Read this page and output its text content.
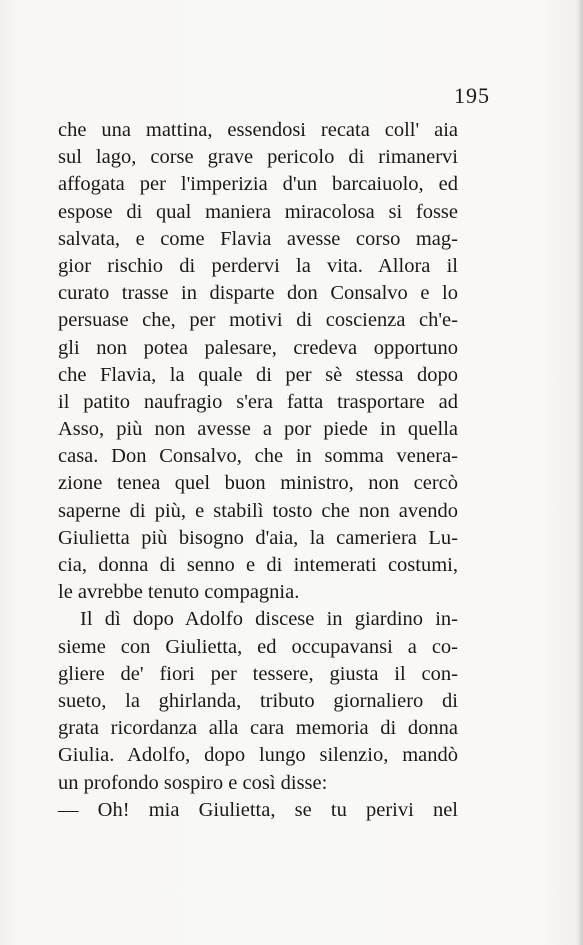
195
che una mattina, essendosi recata coll' aia
sul lago, corse grave pericolo di rimanervi
affogata per l'imperizia d'un barcaiuolo, ed
espose di qual maniera miracolosa si fosse
salvata, e come Flavia avesse corso mag-
gior rischio di perdervi la vita. Allora il
curato trasse in disparte don Consalvo e lo
persuase che, per motivi di coscienza ch'e-
gli non potea palesare, credeva opportuno
che Flavia, la quale di per sè stessa dopo
il patito naufragio s'era fatta trasportare ad
Asso, più non avesse a por piede in quella
casa. Don Consalvo, che in somma venera-
zione tenea quel buon ministro, non cercò
saperne di più, e stabilì tosto che non avendo
Giulietta più bisogno d'aia, la cameriera Lu-
cia, donna di senno e di intemerati costumi,
le avrebbe tenuto compagnia.
Il dì dopo Adolfo discese in giardino in-
sieme con Giulietta, ed occupavansi a co-
gliere de' fiori per tessere, giusta il con-
sueto, la ghirlanda, tributo giornaliero di
grata ricordanza alla cara memoria di donna
Giulia. Adolfo, dopo lungo silenzio, mandò
un profondo sospiro e così disse:
— Oh! mia Giulietta, se tu perivi nel
